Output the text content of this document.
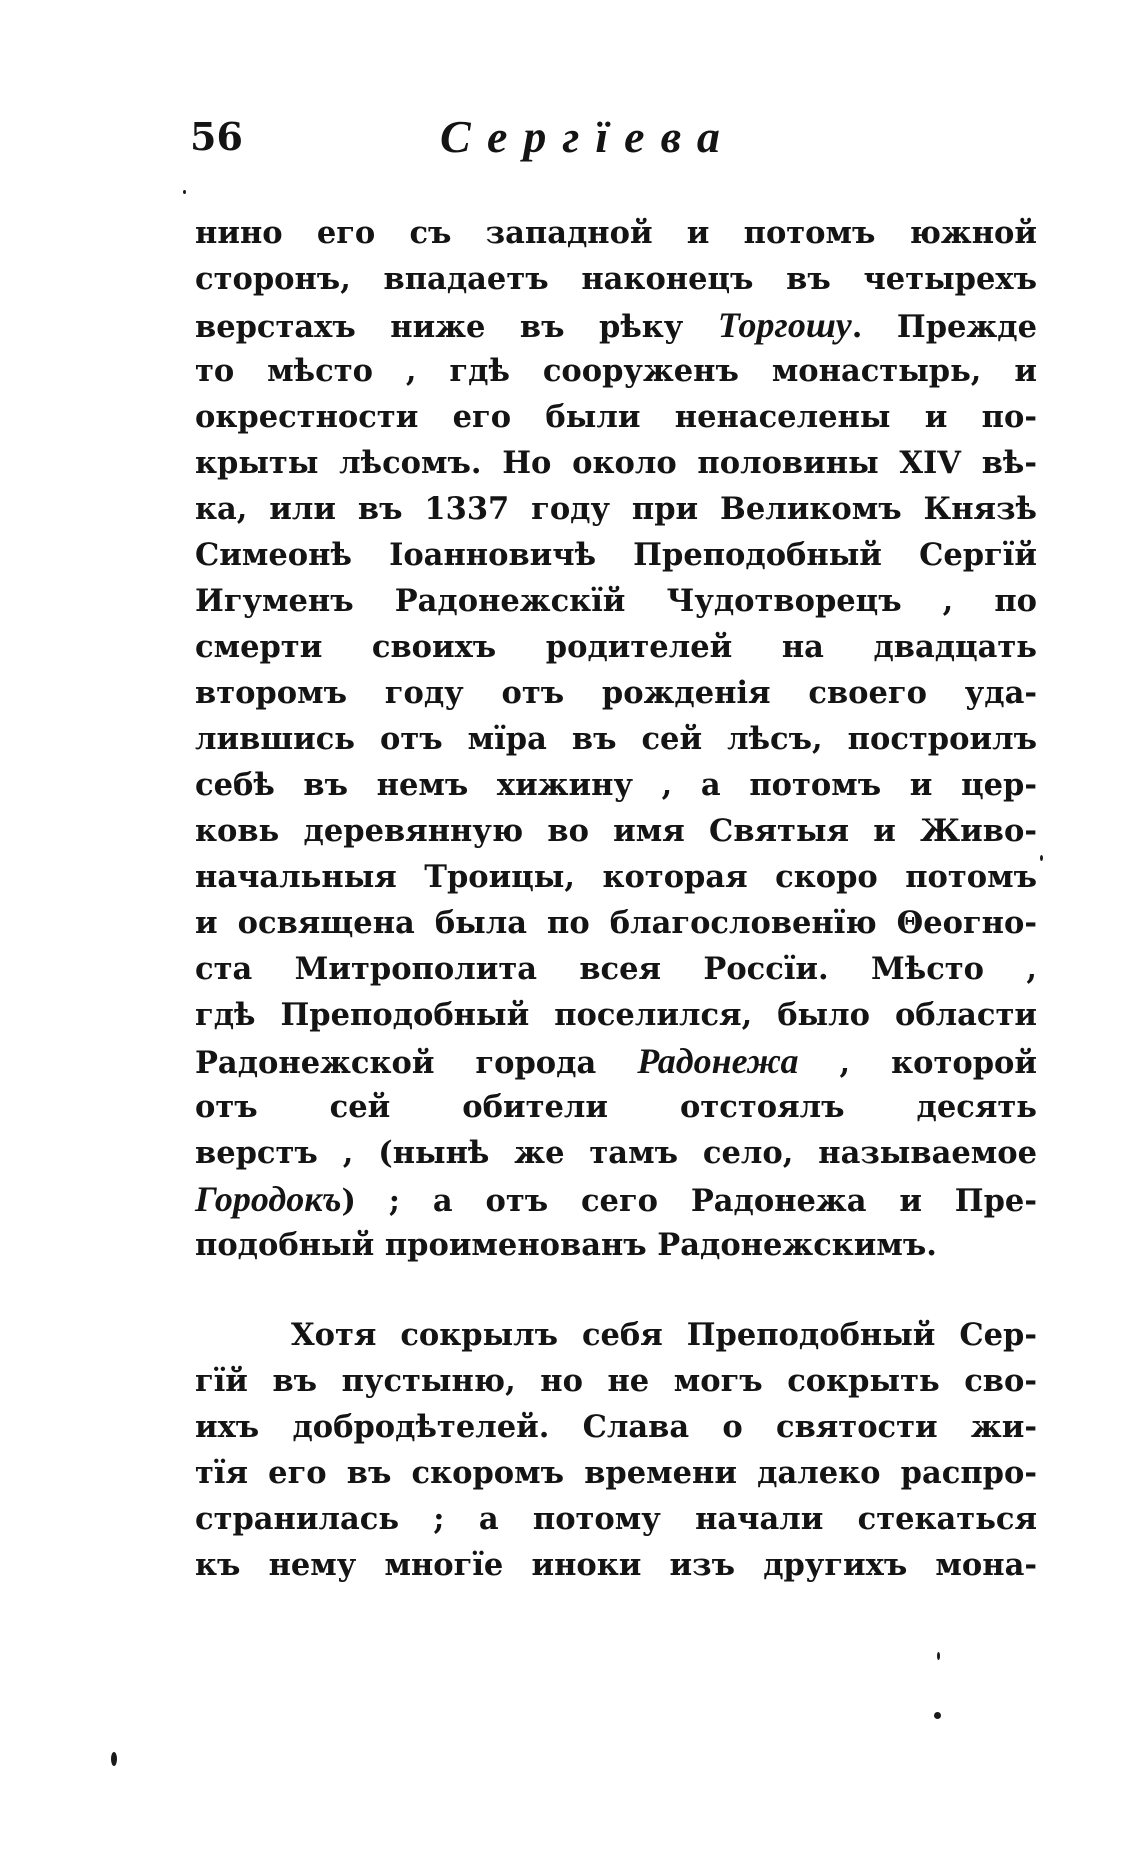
56	Сергїева
нино его съ западной и потомъ южной
сторонъ, впадаетъ наконецъ въ четырехъ
верстахъ ниже въ рѣку Торгошу. Прежде
то мѣсто , гдѣ сооруженъ монастырь, и
окрестности его были ненаселены и по-
крыты лѣсомъ. Но около половины XIV вѣ-
ка, или въ 1337 году при Великомъ Князѣ
Симеонѣ Іоанновичѣ Преподобный Сергїй
Игуменъ Радонежскїй Чудотворецъ , по
смерти своихъ родителей на двадцать
второмъ году отъ рожденія своего уда-
лившись отъ мїра въ сей лѣсъ, построилъ
себѣ въ немъ хижину , а потомъ и цер-
ковь деревянную во имя Святыя и Живо-
начальныя Троицы, которая скоро потомъ
и освящена была по благословенїю Θеогно-
ста Митрополита всея Россїи. Мѣсто ,
гдѣ Преподобный поселился, было области
Радонежской города Радонежа , которой
отъ сей обители отстоялъ десять
верстъ , (нынѣ же тамъ село, называемое
Городокъ) ; а отъ сего Радонежа и Пре-
подобный проименованъ Радонежскимъ.
Хотя сокрылъ себя Преподобный Сер-
гїй въ пустыню, но не могъ сокрыть сво-
ихъ добродѣтелей. Слава о святости жи-
тїя его въ скоромъ времени далеко распро-
странилась ; а потому начали стекаться
къ нему многїе иноки изъ другихъ мона-
